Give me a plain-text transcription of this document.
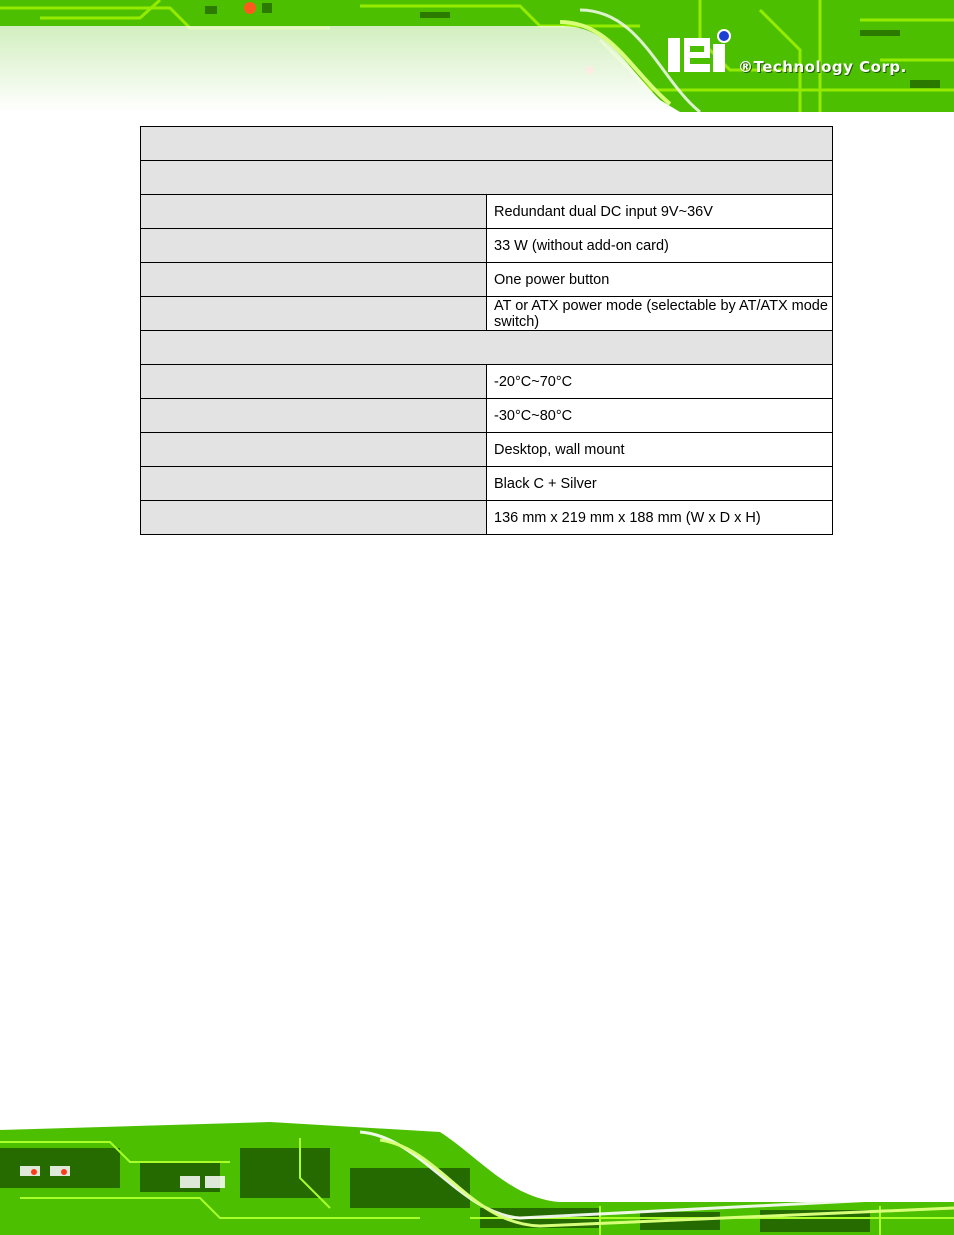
®Technology Corp.

	Redundant dual DC input 9V~36V
	33 W (without add-on card)
	One power button
	AT or ATX power mode (selectable by AT/ATX mode switch)

	-20°C~70°C
	-30°C~80°C
	Desktop, wall mount
	Black C + Silver
	136 mm x 219 mm x 188 mm (W x D x H)
